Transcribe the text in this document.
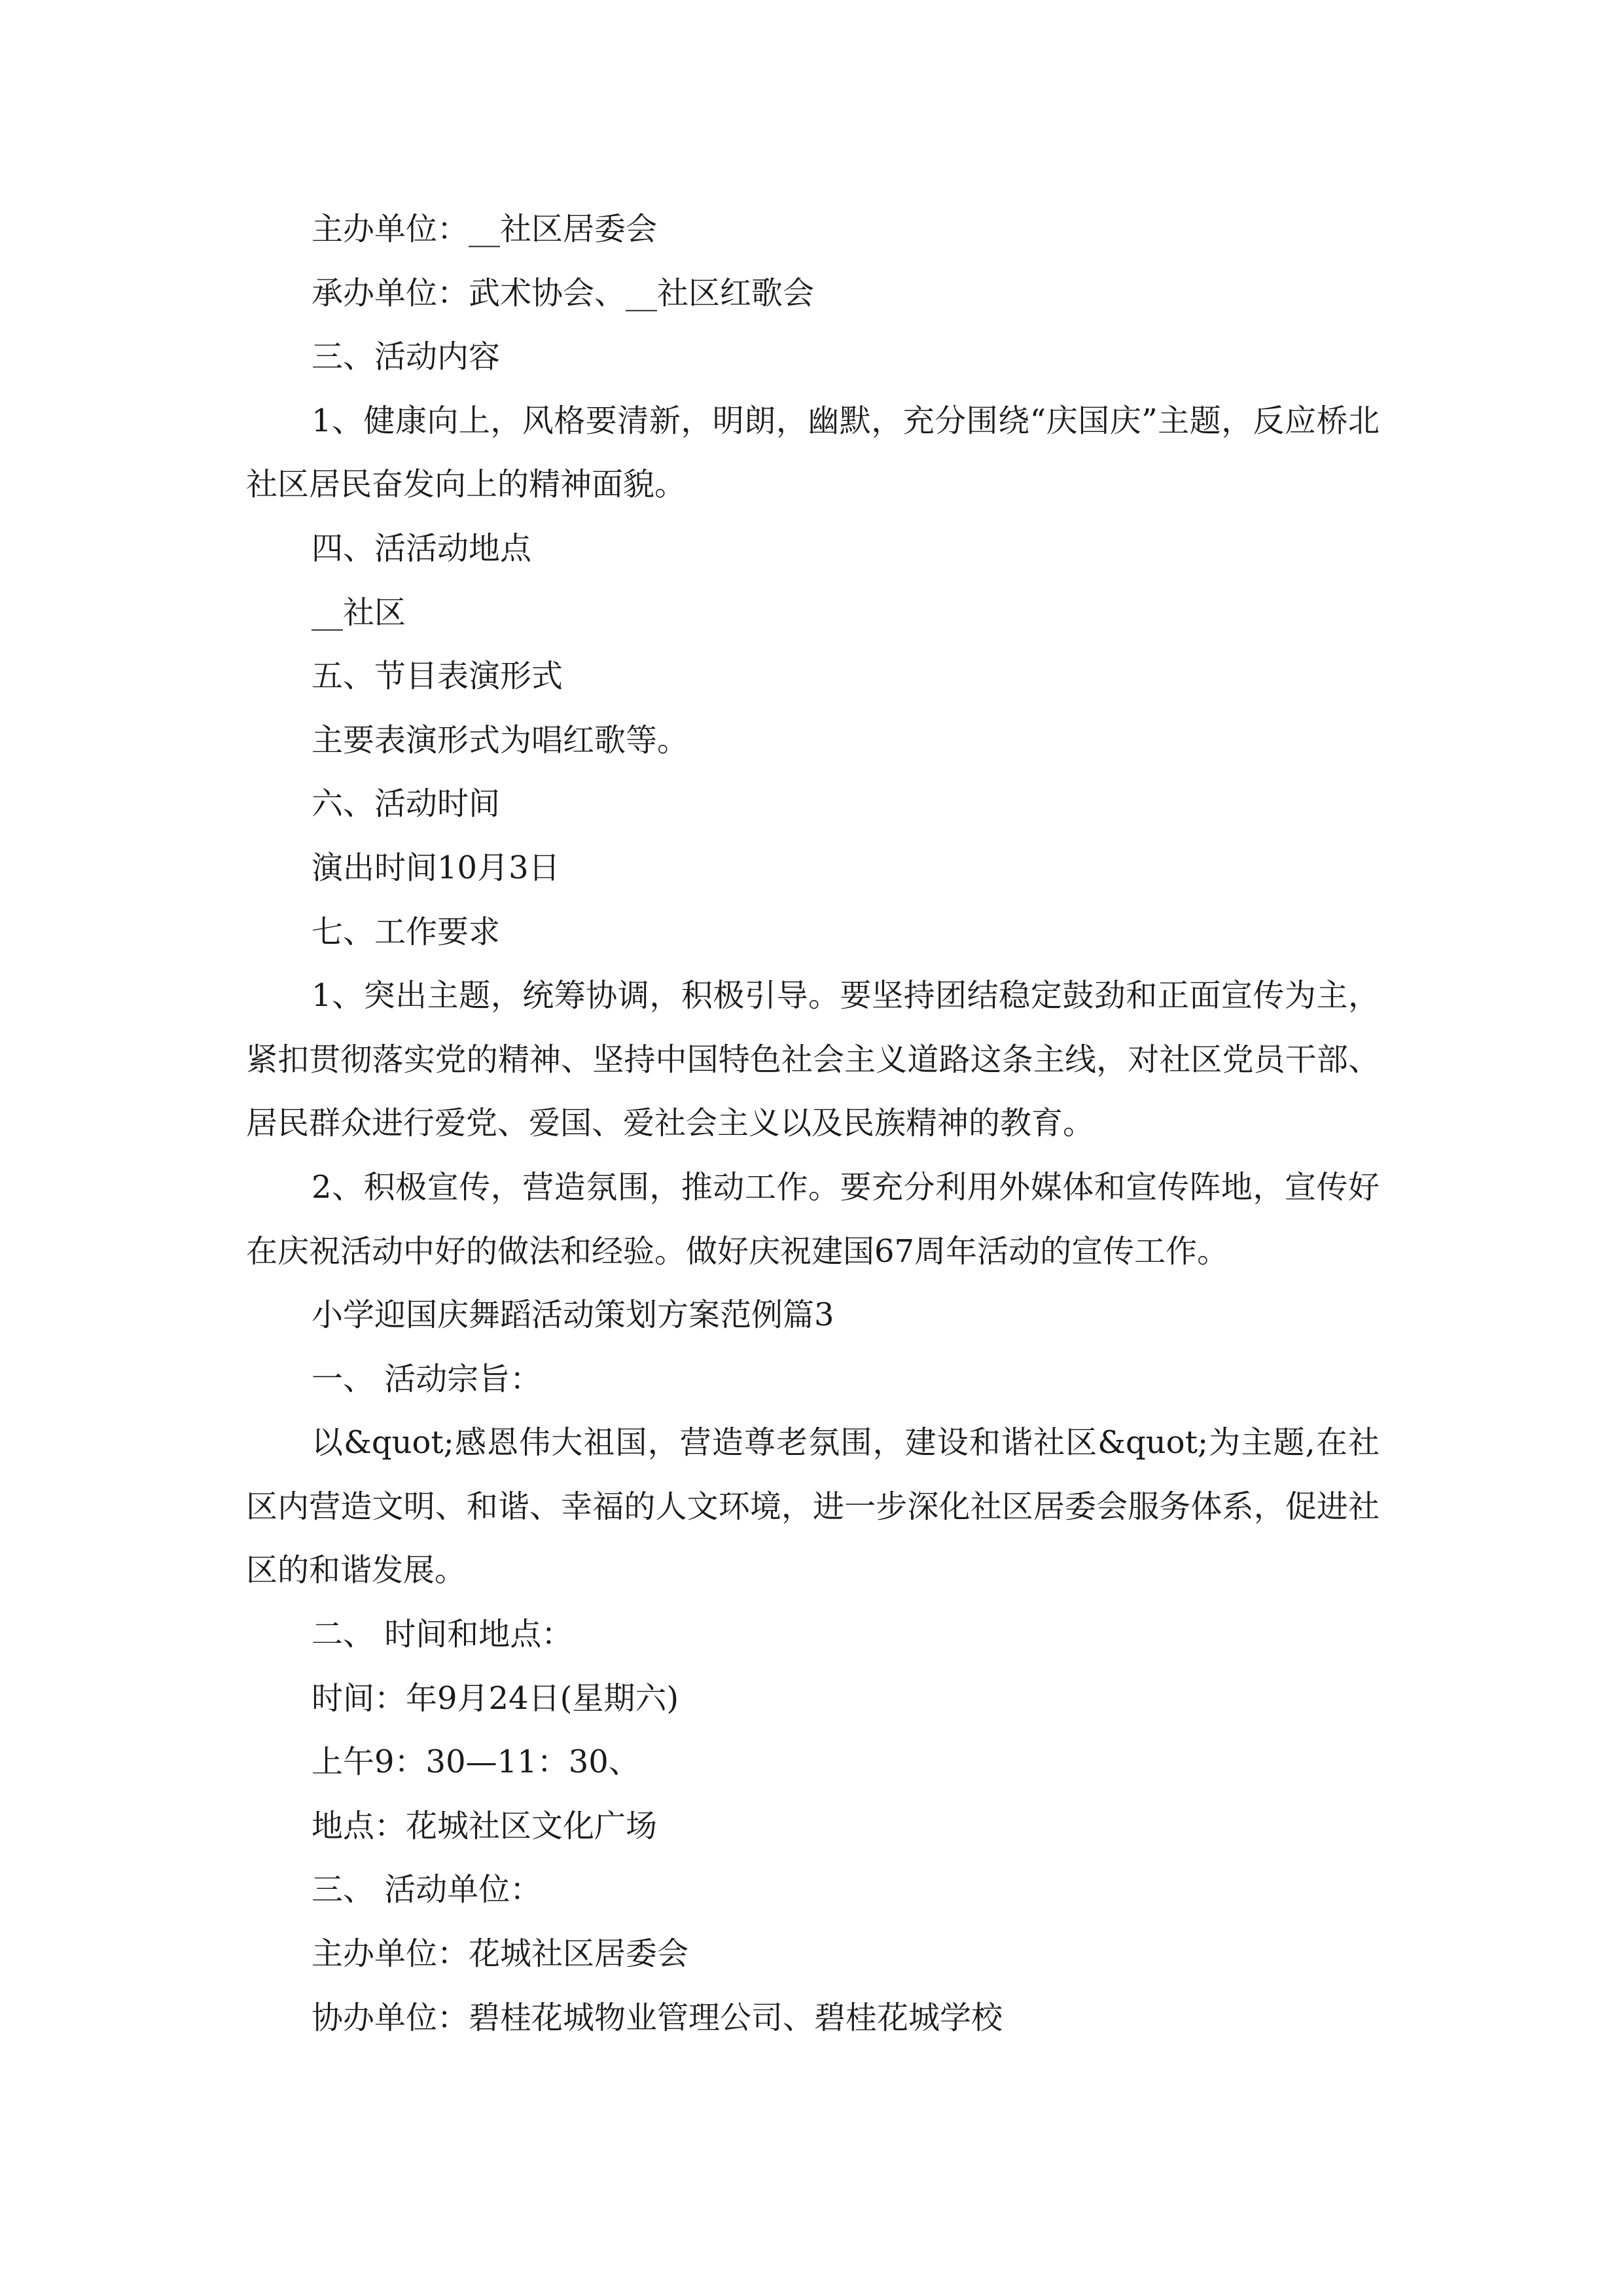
主办单位：__社区居委会

承办单位：武术协会、__社区红歌会

三、活动内容

1、健康向上，风格要清新，明朗，幽默，充分围绕“庆国庆”主题，反应桥北社区居民奋发向上的精神面貌。

四、活活动地点

__社区

五、节目表演形式

主要表演形式为唱红歌等。

六、活动时间

演出时间10月3日

七、工作要求

1、突出主题，统筹协调，积极引导。要坚持团结稳定鼓劲和正面宣传为主，紧扣贯彻落实党的精神、坚持中国特色社会主义道路这条主线，对社区党员干部、居民群众进行爱党、爱国、爱社会主义以及民族精神的教育。

2、积极宣传，营造氛围，推动工作。要充分利用外媒体和宣传阵地，宣传好在庆祝活动中好的做法和经验。做好庆祝建国67周年活动的宣传工作。

小学迎国庆舞蹈活动策划方案范例篇3

一、 活动宗旨：

以&quot;感恩伟大祖国，营造尊老氛围，建设和谐社区&quot;为主题,在社区内营造文明、和谐、幸福的人文环境，进一步深化社区居委会服务体系，促进社区的和谐发展。

二、 时间和地点：

时间：年9月24日(星期六)

上午9：30—11：30、

地点：花城社区文化广场

三、 活动单位：

主办单位：花城社区居委会

协办单位：碧桂花城物业管理公司、碧桂花城学校
